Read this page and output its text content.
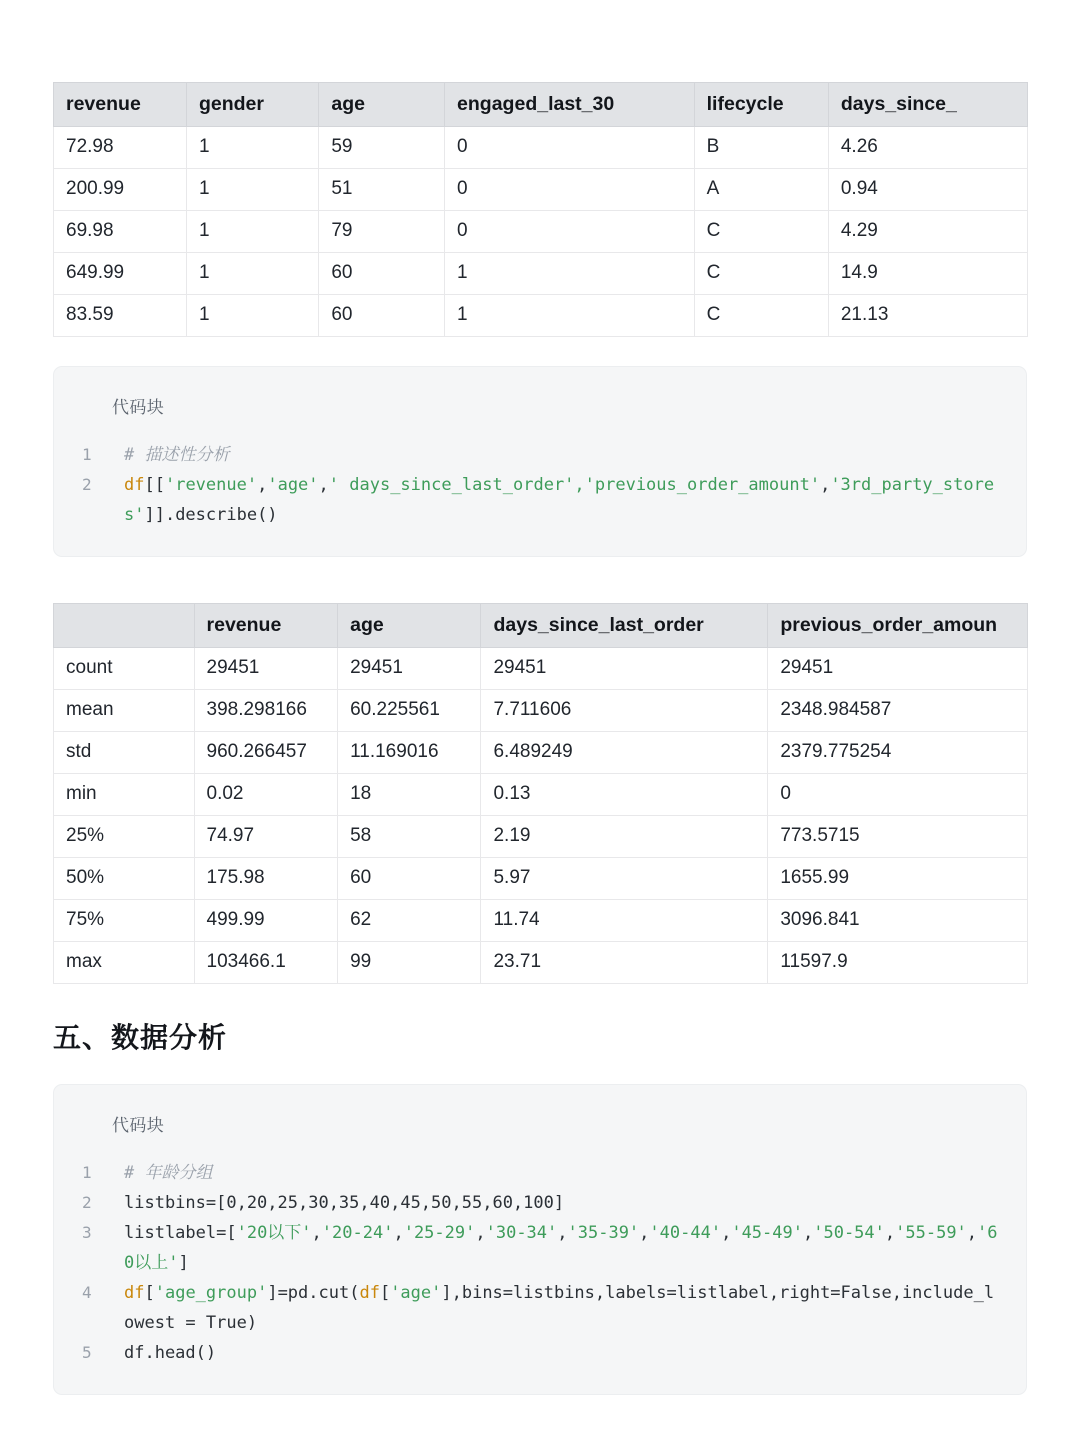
revenue	gender	age	engaged_last_30	lifecycle	days_since_
72.98	1	59	0	B	4.26
200.99	1	51	0	A	0.94
69.98	1	79	0	C	4.29
649.99	1	60	1	C	14.9
83.59	1	60	1	C	21.13
代码块
1	# 描述性分析
2	df[['revenue','age',' days_since_last_order','previous_order_amount','3rd_party_stores']].describe()
	revenue	age	days_since_last_order	previous_order_amoun
count	29451	29451	29451	29451
mean	398.298166	60.225561	7.711606	2348.984587
std	960.266457	11.169016	6.489249	2379.775254
min	0.02	18	0.13	0
25%	74.97	58	2.19	773.5715
50%	175.98	60	5.97	1655.99
75%	499.99	62	11.74	3096.841
max	103466.1	99	23.71	11597.9
五、数据分析
代码块
1	# 年龄分组
2	listbins=[0,20,25,30,35,40,45,50,55,60,100]
3	listlabel=['20以下','20-24','25-29','30-34','35-39','40-44','45-49','50-54','55-59','60以上']
4	df['age_group']=pd.cut(df['age'],bins=listbins,labels=listlabel,right=False,include_lowest = True)
5	df.head()
